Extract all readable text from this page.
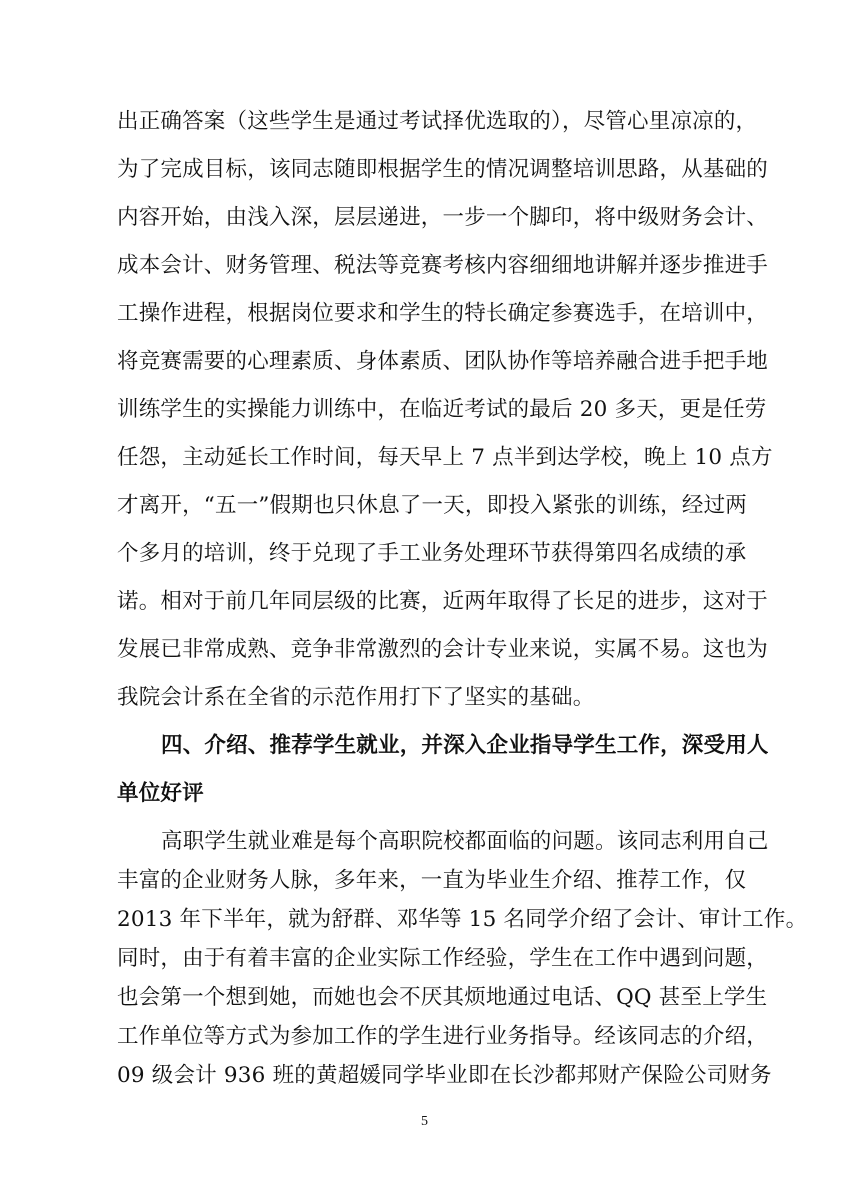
出正确答案（这些学生是通过考试择优选取的），尽管心里凉凉的，
为了完成目标，该同志随即根据学生的情况调整培训思路，从基础的
内容开始，由浅入深，层层递进，一步一个脚印，将中级财务会计、
成本会计、财务管理、税法等竞赛考核内容细细地讲解并逐步推进手
工操作进程，根据岗位要求和学生的特长确定参赛选手，在培训中，
将竞赛需要的心理素质、身体素质、团队协作等培养融合进手把手地
训练学生的实操能力训练中，在临近考试的最后 20 多天，更是任劳
任怨，主动延长工作时间，每天早上 7 点半到达学校，晚上 10 点方
才离开，“五一”假期也只休息了一天，即投入紧张的训练，经过两
个多月的培训，终于兑现了手工业务处理环节获得第四名成绩的承
诺。相对于前几年同层级的比赛，近两年取得了长足的进步，这对于
发展已非常成熟、竞争非常激烈的会计专业来说，实属不易。这也为
我院会计系在全省的示范作用打下了坚实的基础。
四、介绍、推荐学生就业，并深入企业指导学生工作，深受用人
单位好评
高职学生就业难是每个高职院校都面临的问题。该同志利用自己
丰富的企业财务人脉，多年来，一直为毕业生介绍、推荐工作，仅
2013 年下半年，就为舒群、邓华等 15 名同学介绍了会计、审计工作。
同时，由于有着丰富的企业实际工作经验，学生在工作中遇到问题，
也会第一个想到她，而她也会不厌其烦地通过电话、QQ 甚至上学生
工作单位等方式为参加工作的学生进行业务指导。经该同志的介绍，
09 级会计 936 班的黄超媛同学毕业即在长沙都邦财产保险公司财务
5
